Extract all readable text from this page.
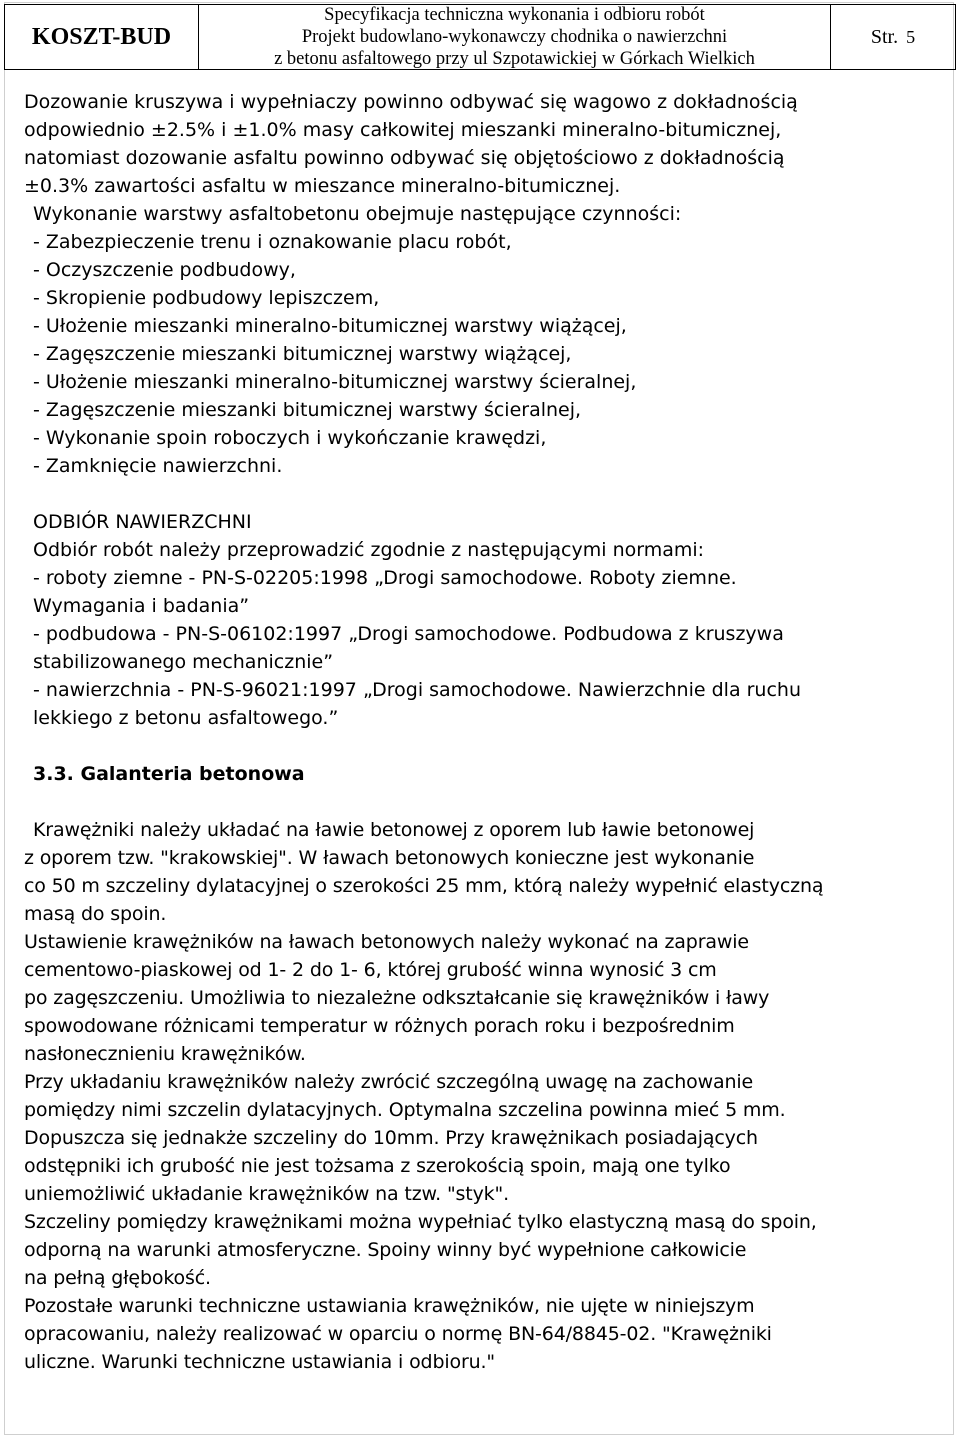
KOSZT-BUD
Specyfikacja techniczna wykonania i odbioru robót
Projekt budowlano-wykonawczy chodnika o nawierzchni
z betonu asfaltowego przy ul Szpotawickiej w Górkach Wielkich
Str. 5
Dozowanie kruszywa i wypełniaczy powinno odbywać się wagowo z dokładnością
odpowiednio ±2.5% i ±1.0% masy całkowitej mieszanki mineralno-bitumicznej,
natomiast dozowanie asfaltu powinno odbywać się objętościowo z dokładnością
±0.3% zawartości asfaltu w mieszance mineralno-bitumicznej.
Wykonanie warstwy asfaltobetonu obejmuje następujące czynności:
- Zabezpieczenie trenu i oznakowanie placu robót,
- Oczyszczenie podbudowy,
- Skropienie podbudowy lepiszczem,
- Ułożenie mieszanki mineralno-bitumicznej warstwy wiążącej,
- Zagęszczenie mieszanki bitumicznej warstwy wiążącej,
- Ułożenie mieszanki mineralno-bitumicznej warstwy ścieralnej,
- Zagęszczenie mieszanki bitumicznej warstwy ścieralnej,
- Wykonanie spoin roboczych i wykończanie krawędzi,
- Zamknięcie nawierzchni.
ODBIÓR NAWIERZCHNI
Odbiór robót należy przeprowadzić zgodnie z następującymi normami:
- roboty ziemne - PN-S-02205:1998 „Drogi samochodowe. Roboty ziemne.
Wymagania i badania”
- podbudowa - PN-S-06102:1997 „Drogi samochodowe. Podbudowa z kruszywa
stabilizowanego mechanicznie”
- nawierzchnia - PN-S-96021:1997 „Drogi samochodowe. Nawierzchnie dla ruchu
lekkiego z betonu asfaltowego.”
3.3. Galanteria betonowa
Krawężniki należy układać na ławie betonowej z oporem lub ławie betonowej
z oporem tzw. "krakowskiej". W ławach betonowych konieczne jest wykonanie
co 50 m szczeliny dylatacyjnej o szerokości 25 mm, którą należy wypełnić elastyczną
masą do spoin.
Ustawienie krawężników na ławach betonowych należy wykonać na zaprawie
cementowo-piaskowej od 1- 2 do 1- 6, której grubość winna wynosić 3 cm
po zagęszczeniu. Umożliwia to niezależne odkształcanie się krawężników i ławy
spowodowane różnicami temperatur w różnych porach roku i bezpośrednim
nasłonecznieniu krawężników.
Przy układaniu krawężników należy zwrócić szczególną uwagę na zachowanie
pomiędzy nimi szczelin dylatacyjnych. Optymalna szczelina powinna mieć 5 mm.
Dopuszcza się jednakże szczeliny do 10mm. Przy krawężnikach posiadających
odstępniki ich grubość nie jest tożsama z szerokością spoin, mają one tylko
uniemożliwić układanie krawężników na tzw. "styk".
Szczeliny pomiędzy krawężnikami można wypełniać tylko elastyczną masą do spoin,
odporną na warunki atmosferyczne. Spoiny winny być wypełnione całkowicie
na pełną głębokość.
Pozostałe warunki techniczne ustawiania krawężników, nie ujęte w niniejszym
opracowaniu, należy realizować w oparciu o normę BN-64/8845-02. "Krawężniki
uliczne. Warunki techniczne ustawiania i odbioru."
